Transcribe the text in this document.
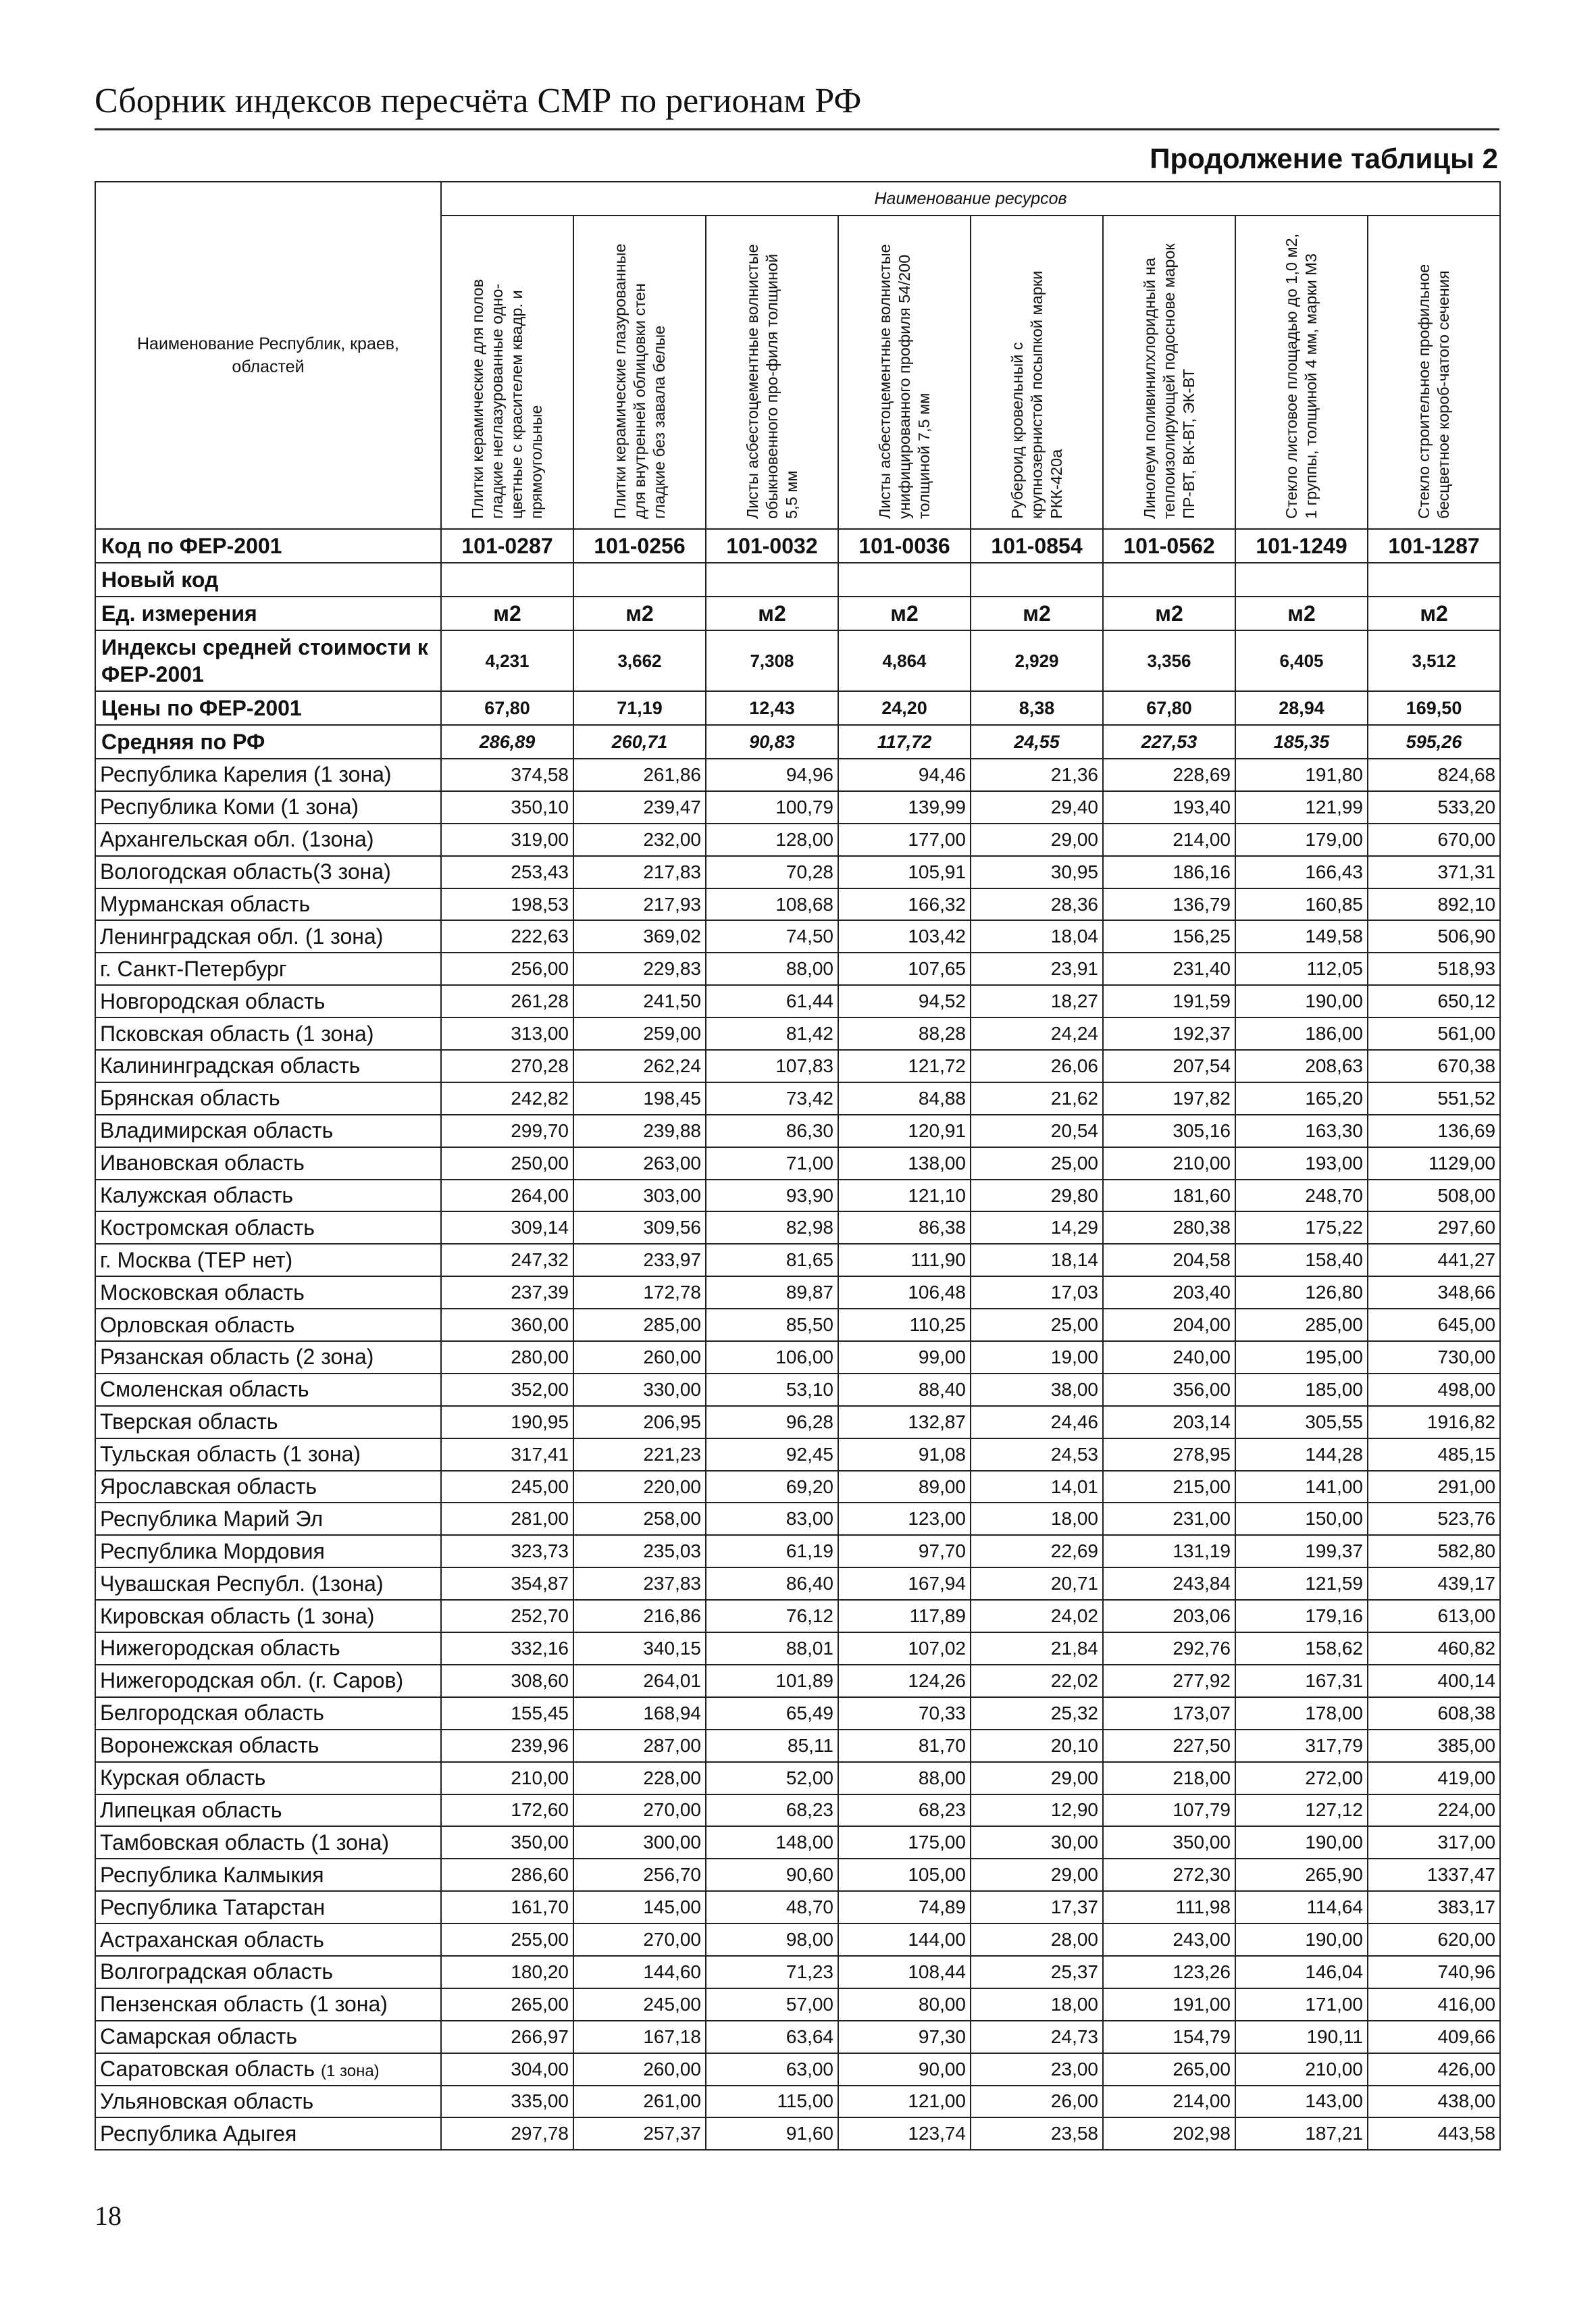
Сборник индексов пересчёта СМР по регионам РФ
Продолжение таблицы 2
Наименование Республик, краев, областей	Наименование ресурсов							

	Плитки керамические для полов гладкие неглазурованные одно-цветные с красителем квадр. и прямоугольные	Плитки керамические глазурованные для внутренней облицовки стен гладкие без завала белые	Листы асбестоцементные волнистые обыкновенного про-филя толщиной 5,5 мм	Листы асбестоцементные волнистые унифицированного профиля 54/200 толщиной 7,5 мм	Рубероид кровельный с крупнозернистой посыпкой марки РКК-420а	Линолеум поливинилхлоридный на теплоизолирующей подоснове марок ПР-ВТ, ВК-ВТ, ЭК-ВТ	Стекло листовое площадью до 1,0 м2, 1 группы, толщиной 4 мм, марки М3	Стекло строительное профильное бесцветное короб-чатого сечения

Код по ФЕР-2001	101-0287	101-0256	101-0032	101-0036	101-0854	101-0562	101-1249	101-1287
Новый код								
Ед. измерения	м2	м2	м2	м2	м2	м2	м2	м2
Индексы средней стоимости к ФЕР-2001	4,231	3,662	7,308	4,864	2,929	3,356	6,405	3,512
Цены по ФЕР-2001	67,80	71,19	12,43	24,20	8,38	67,80	28,94	169,50
Средняя по РФ	286,89	260,71	90,83	117,72	24,55	227,53	185,35	595,26
Республика Карелия (1 зона)	374,58	261,86	94,96	94,46	21,36	228,69	191,80	824,68
Республика Коми (1 зона)	350,10	239,47	100,79	139,99	29,40	193,40	121,99	533,20
Архангельская обл. (1зона)	319,00	232,00	128,00	177,00	29,00	214,00	179,00	670,00
Вологодская область(3 зона)	253,43	217,83	70,28	105,91	30,95	186,16	166,43	371,31
Мурманская область	198,53	217,93	108,68	166,32	28,36	136,79	160,85	892,10
Ленинградская обл. (1 зона)	222,63	369,02	74,50	103,42	18,04	156,25	149,58	506,90
г. Санкт-Петербург	256,00	229,83	88,00	107,65	23,91	231,40	112,05	518,93
Новгородская область	261,28	241,50	61,44	94,52	18,27	191,59	190,00	650,12
Псковская область (1 зона)	313,00	259,00	81,42	88,28	24,24	192,37	186,00	561,00
Калининградская область	270,28	262,24	107,83	121,72	26,06	207,54	208,63	670,38
Брянская область	242,82	198,45	73,42	84,88	21,62	197,82	165,20	551,52
Владимирская область	299,70	239,88	86,30	120,91	20,54	305,16	163,30	136,69
Ивановская область	250,00	263,00	71,00	138,00	25,00	210,00	193,00	1129,00
Калужская область	264,00	303,00	93,90	121,10	29,80	181,60	248,70	508,00
Костромская область	309,14	309,56	82,98	86,38	14,29	280,38	175,22	297,60
г. Москва (ТЕР нет)	247,32	233,97	81,65	111,90	18,14	204,58	158,40	441,27
Московская область	237,39	172,78	89,87	106,48	17,03	203,40	126,80	348,66
Орловская область	360,00	285,00	85,50	110,25	25,00	204,00	285,00	645,00
Рязанская область (2 зона)	280,00	260,00	106,00	99,00	19,00	240,00	195,00	730,00
Смоленская область	352,00	330,00	53,10	88,40	38,00	356,00	185,00	498,00
Тверская область	190,95	206,95	96,28	132,87	24,46	203,14	305,55	1916,82
Тульская область (1 зона)	317,41	221,23	92,45	91,08	24,53	278,95	144,28	485,15
Ярославская область	245,00	220,00	69,20	89,00	14,01	215,00	141,00	291,00
Республика Марий Эл	281,00	258,00	83,00	123,00	18,00	231,00	150,00	523,76
Республика Мордовия	323,73	235,03	61,19	97,70	22,69	131,19	199,37	582,80
Чувашская Республ. (1зона)	354,87	237,83	86,40	167,94	20,71	243,84	121,59	439,17
Кировская область (1 зона)	252,70	216,86	76,12	117,89	24,02	203,06	179,16	613,00
Нижегородская область	332,16	340,15	88,01	107,02	21,84	292,76	158,62	460,82
Нижегородская обл. (г. Саров)	308,60	264,01	101,89	124,26	22,02	277,92	167,31	400,14
Белгородская область	155,45	168,94	65,49	70,33	25,32	173,07	178,00	608,38
Воронежская область	239,96	287,00	85,11	81,70	20,10	227,50	317,79	385,00
Курская область	210,00	228,00	52,00	88,00	29,00	218,00	272,00	419,00
Липецкая область	172,60	270,00	68,23	68,23	12,90	107,79	127,12	224,00
Тамбовская область (1 зона)	350,00	300,00	148,00	175,00	30,00	350,00	190,00	317,00
Республика Калмыкия	286,60	256,70	90,60	105,00	29,00	272,30	265,90	1337,47
Республика Татарстан	161,70	145,00	48,70	74,89	17,37	111,98	114,64	383,17
Астраханская область	255,00	270,00	98,00	144,00	28,00	243,00	190,00	620,00
Волгоградская область	180,20	144,60	71,23	108,44	25,37	123,26	146,04	740,96
Пензенская область (1 зона)	265,00	245,00	57,00	80,00	18,00	191,00	171,00	416,00
Самарская область	266,97	167,18	63,64	97,30	24,73	154,79	190,11	409,66
Саратовская область (1 зона)	304,00	260,00	63,00	90,00	23,00	265,00	210,00	426,00
Ульяновская область	335,00	261,00	115,00	121,00	26,00	214,00	143,00	438,00
Республика Адыгея	297,78	257,37	91,60	123,74	23,58	202,98	187,21	443,58
18
